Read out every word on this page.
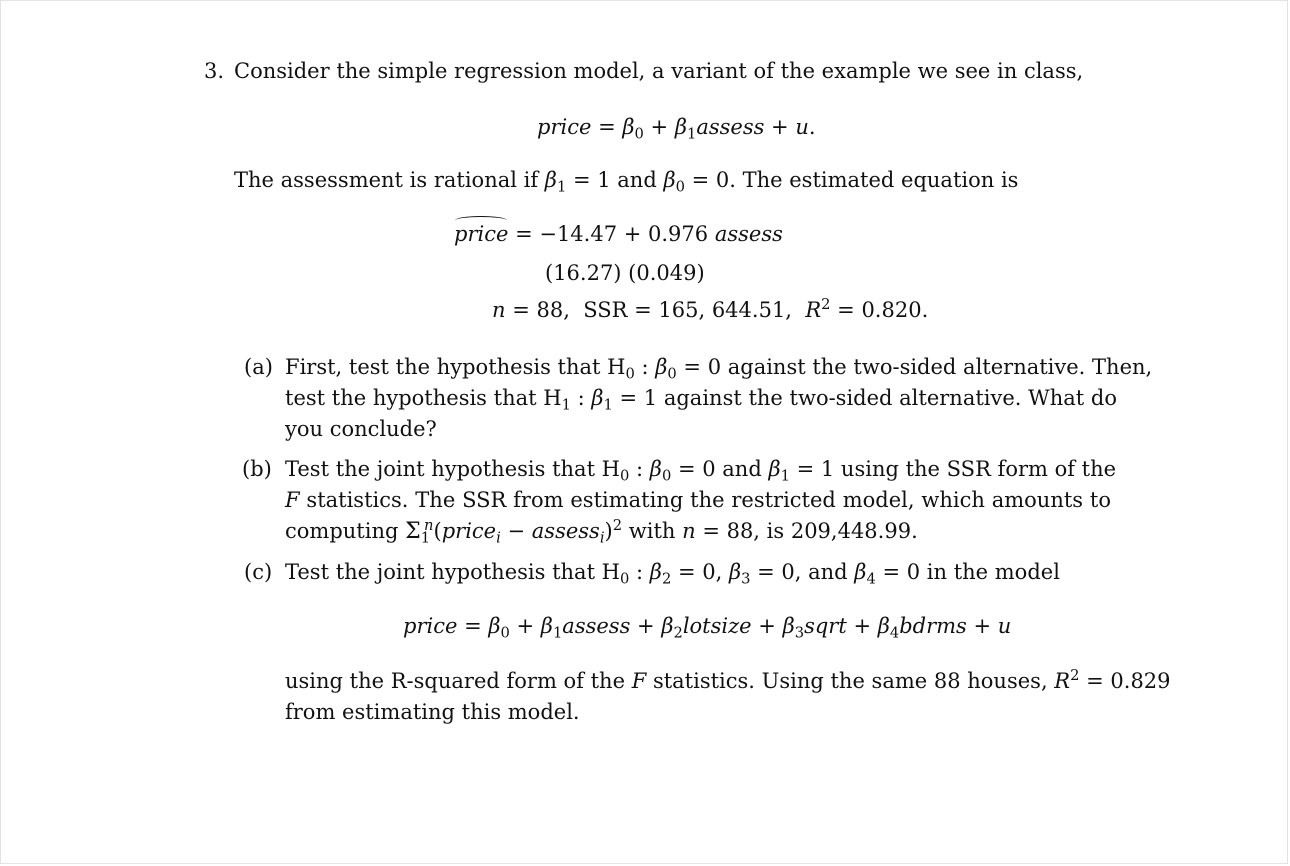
3. Consider the simple regression model, a variant of the example we see in class,
price = $\beta_0$ + $\beta_1assess + u$.
The assessment is rational if $\beta_1 = 1$ and $\beta_0 = 0$. The estimated equation is
price = −14.47 + 0.976 assess
(16.27) (0.049)
n = 88,  SSR = 165, 644.51,  $R^2 = 0.820$.
(a) First, test the hypothesis that $H_0$ : $\beta_0 = 0$ against the two-sided alternative. Then,
test the hypothesis that $H_1$ : $\beta_1 = 1$ against the two-sided alternative. What do
you conclude?
(b) Test the joint hypothesis that $H_0$ : $\beta_0 = 0$ and $\beta_1 = 1$ using the SSR form of the
F statistics. The SSR from estimating the restricted model, which amounts to
computing $\Sigma_1^n(price_i$ − assess$_i$)$^2$ with n = 88, is 209,448.99.
(c) Test the joint hypothesis that $H_0$ : $\beta_2 = 0$, $\beta_3 = 0$, and $\beta_4 = 0$ in the model
price = $\beta_0$ + $\beta_1assess$ + $\beta_2lotsize$ + $\beta_3sqrt$ + $\beta_4bdrms + u$
using the R-squared form of the F statistics. Using the same 88 houses, $R^2 = 0.829$
from estimating this model.
